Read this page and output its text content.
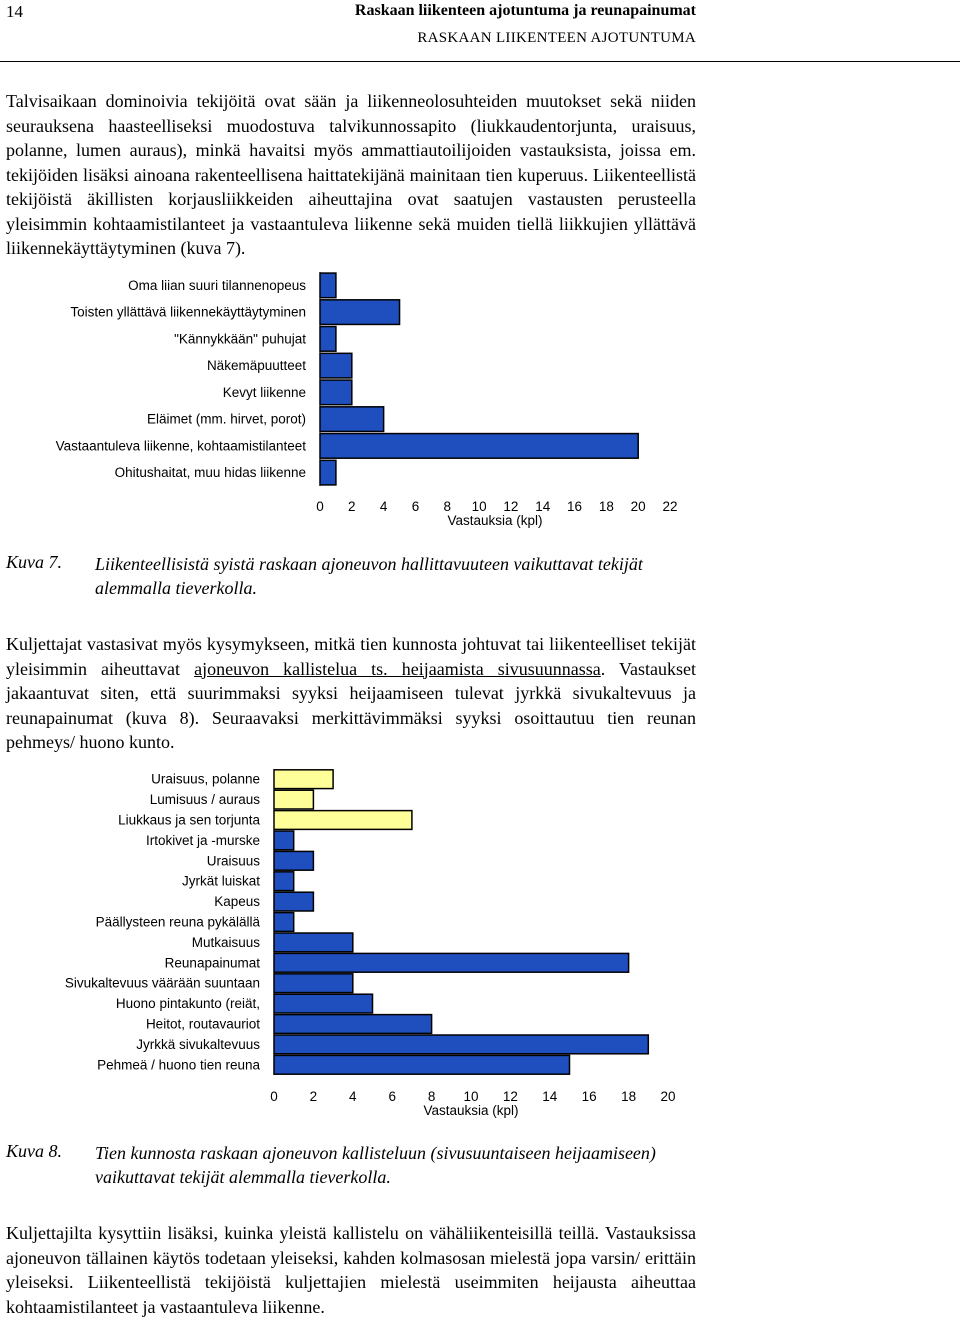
14	Raskaan liikenteen ajotuntuma ja reunapainumat
RASKAAN LIIKENTEEN AJOTUNTUMA
Talvisaikaan dominoivia tekijöitä ovat sään ja liikenneolosuhteiden muutokset sekä niiden seurauksena haasteelliseksi muodostuva talvikunnossapito (liukkaudentorjunta, uraisuus, polanne, lumen auraus), minkä havaitsi myös ammattiautoilijoiden vastauksista, joissa em. tekijöiden lisäksi ainoana rakenteellisena haittatekijänä mainitaan tien kuperuus. Liikenteellistä tekijöistä äkillisten korjausliikkeiden aiheuttajina ovat saatujen vastausten perusteella yleisimmin kohtaamistilanteet ja vastaantuleva liikenne sekä muiden tiellä liikkujien yllättävä liikennekäyttäytyminen (kuva 7).
Oma liian suuri tilannenopeus
Toisten yllättävä liikennekäyttäytyminen
"Kännykkään" puhujat
Näkemäpuutteet
Kevyt liikenne
Eläimet (mm. hirvet, porot)
Vastaantuleva liikenne, kohtaamistilanteet
Ohitushaitat, muu hidas liikenne
0 2 4 6 8 10 12 14 16 18 20 22
Vastauksia (kpl)
Kuva 7. Liikenteellisistä syistä raskaan ajoneuvon hallittavuuteen vaikuttavat tekijät alemmalla tieverkolla.
Kuljettajat vastasivat myös kysymykseen, mitkä tien kunnosta johtuvat tai liikenteelliset tekijät yleisimmin aiheuttavat ajoneuvon kallistelua ts. heijaamista sivusuunnassa. Vastaukset jakaantuvat siten, että suurimmaksi syyksi heijaamiseen tulevat jyrkkä sivukaltevuus ja reunapainumat (kuva 8). Seuraavaksi merkittävimmäksi syyksi osoittautuu tien reunan pehmeys/ huono kunto.
Uraisuus, polanne
Lumisuus / auraus
Liukkaus ja sen torjunta
Irtokivet ja -murske
Uraisuus
Jyrkät luiskat
Kapeus
Päällysteen reuna pykälällä
Mutkaisuus
Reunapainumat
Sivukaltevuus väärään suuntaan
Huono pintakunto (reiät,
Heitot, routavauriot
Jyrkkä sivukaltevuus
Pehmeä / huono tien reuna
0 2 4 6 8 10 12 14 16 18 20
Vastauksia (kpl)
Kuva 8. Tien kunnosta raskaan ajoneuvon kallisteluun (sivusuuntaiseen heijaamiseen) vaikuttavat tekijät alemmalla tieverkolla.
Kuljettajilta kysyttiin lisäksi, kuinka yleistä kallistelu on vähäliikenteisillä teillä. Vastauksissa ajoneuvon tällainen käytös todetaan yleiseksi, kahden kolmasosan mielestä jopa varsin/ erittäin yleiseksi. Liikenteellistä tekijöistä kuljettajien mielestä useimmiten heijausta aiheuttaa kohtaamistilanteet ja vastaantuleva liikenne.
